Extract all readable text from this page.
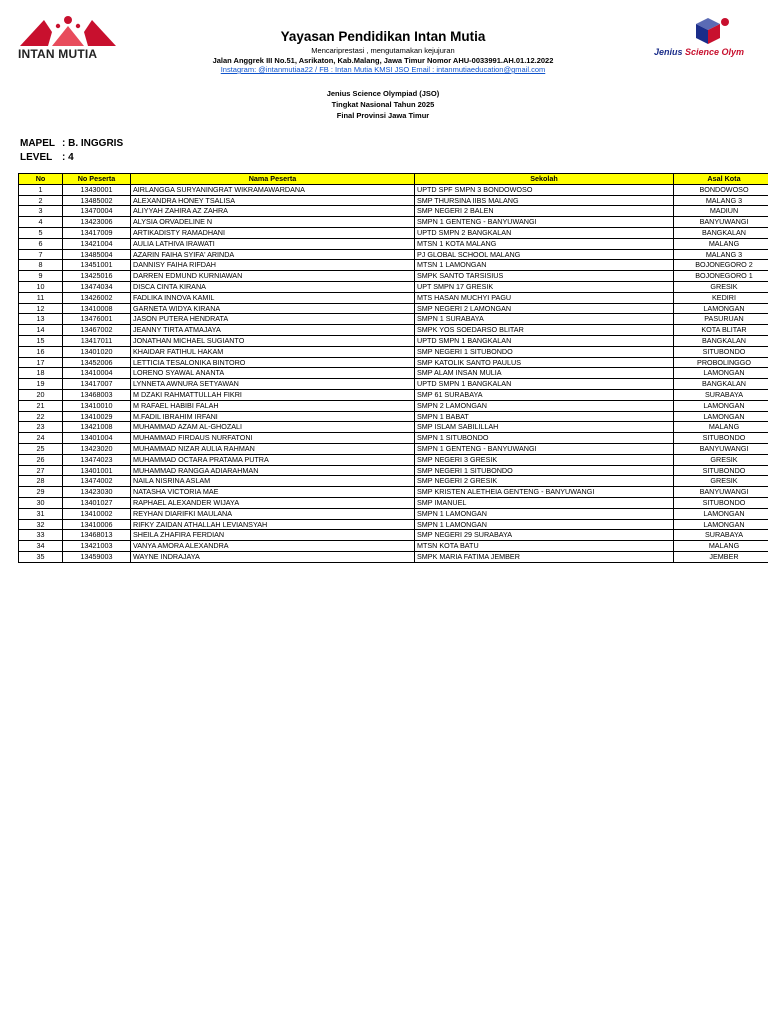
INTAN MUTIA	Jenius Science Olym
Yayasan Pendidikan Intan Mutia
Mencariprestasi , mengutamakan kejujuran
Jalan Anggrek III No.51, Asrikaton, Kab.Malang, Jawa Timur Nomor AHU-0033991.AH.01.12.2022
Instagram: @intanmutiaa22 / FB : Intan Mutia KMSI JSO Email : intanmutiaeducation@gmail.com
Jenius Science Olympiad (JSO)
Tingkat Nasional Tahun 2025
Final Provinsi Jawa Timur
MAPEL : B. INGGRIS
LEVEL : 4
No	No Peserta	Nama Peserta	Sekolah	Asal Kota
1	13430001	AIRLANGGA SURYANINGRAT WIKRAMAWARDANA	UPTD SPF SMPN 3 BONDOWOSO	BONDOWOSO
2	13485002	ALEXANDRA HONEY TSALISA	SMP THURSINA IIBS MALANG	MALANG 3
3	13470004	ALIYYAH ZAHIRA AZ ZAHRA	SMP NEGERI 2 BALEN	MADIUN
4	13423006	ALYSIA ORVADELINE N	SMPN 1 GENTENG - BANYUWANGI	BANYUWANGI
5	13417009	ARTIKADISTY RAMADHANI	UPTD SMPN 2 BANGKALAN	BANGKALAN
6	13421004	AULIA LATHIVA IRAWATI	MTSN 1 KOTA MALANG	MALANG
7	13485004	AZARIN FAIHA SYIFA' ARINDA	PJ GLOBAL SCHOOL MALANG	MALANG 3
8	13451001	DANNISY FAIHA RIFDAH	MTSN 1 LAMONGAN	BOJONEGORO 2
9	13425016	DARREN EDMUND KURNIAWAN	SMPK SANTO TARSISIUS	BOJONEGORO 1
10	13474034	DISCA CINTA KIRANA	UPT SMPN 17 GRESIK	GRESIK
11	13426002	FADLIKA INNOVA KAMIL	MTS HASAN MUCHYI PAGU	KEDIRI
12	13410008	GARNETA WIDYA KIRANA	SMP NEGERI 2 LAMONGAN	LAMONGAN
13	13476001	JASON PUTERA HENDRATA	SMPN 1 SURABAYA	PASURUAN
14	13467002	JEANNY TIRTA ATMAJAYA	SMPK YOS SOEDARSO BLITAR	KOTA BLITAR
15	13417011	JONATHAN MICHAEL SUGIANTO	UPTD SMPN 1 BANGKALAN	BANGKALAN
16	13401020	KHAIDAR FATIHUL HAKAM	SMP NEGERI 1 SITUBONDO	SITUBONDO
17	13452006	LETTICIA TESALONIKA BINTORO	SMP KATOLIK SANTO PAULUS	PROBOLINGGO
18	13410004	LORENO SYAWAL ANANTA	SMP ALAM INSAN MULIA	LAMONGAN
19	13417007	LYNNETA AWNURA SETYAWAN	UPTD SMPN 1 BANGKALAN	BANGKALAN
20	13468003	M DZAKI RAHMATTULLAH FIKRI	SMP 61 SURABAYA	SURABAYA
21	13410010	M RAFAEL HABIBI FALAH	SMPN 2 LAMONGAN	LAMONGAN
22	13410029	M.FADIL IBRAHIM IRFANI	SMPN 1 BABAT	LAMONGAN
23	13421008	MUHAMMAD AZAM AL-GHOZALI	SMP ISLAM SABILILLAH	MALANG
24	13401004	MUHAMMAD FIRDAUS NURFATONI	SMPN 1 SITUBONDO	SITUBONDO
25	13423020	MUHAMMAD NIZAR AULIA RAHMAN	SMPN 1 GENTENG - BANYUWANGI	BANYUWANGI
26	13474023	MUHAMMAD OCTARA PRATAMA PUTRA	SMP NEGERI 3 GRESIK	GRESIK
27	13401001	MUHAMMAD RANGGA ADIARAHMAN	SMP NEGERI 1 SITUBONDO	SITUBONDO
28	13474002	NAILA NISRINA ASLAM	SMP NEGERI 2 GRESIK	GRESIK
29	13423030	NATASHA VICTORIA MAE	SMP KRISTEN ALETHEIA GENTENG - BANYUWANGI	BANYUWANGI
30	13401027	RAPHAEL ALEXANDER WIJAYA	SMP IMANUEL	SITUBONDO
31	13410002	REYHAN DIARIFKI MAULANA	SMPN 1 LAMONGAN	LAMONGAN
32	13410006	RIFKY ZAIDAN ATHALLAH LEVIANSYAH	SMPN 1 LAMONGAN	LAMONGAN
33	13468013	SHEILA ZHAFIRA FERDIAN	SMP NEGERI 29 SURABAYA	SURABAYA
34	13421003	VANYA AMORA ALEXANDRA	MTSN KOTA BATU	MALANG
35	13459003	WAYNE INDRAJAYA	SMPK MARIA FATIMA JEMBER	JEMBER
